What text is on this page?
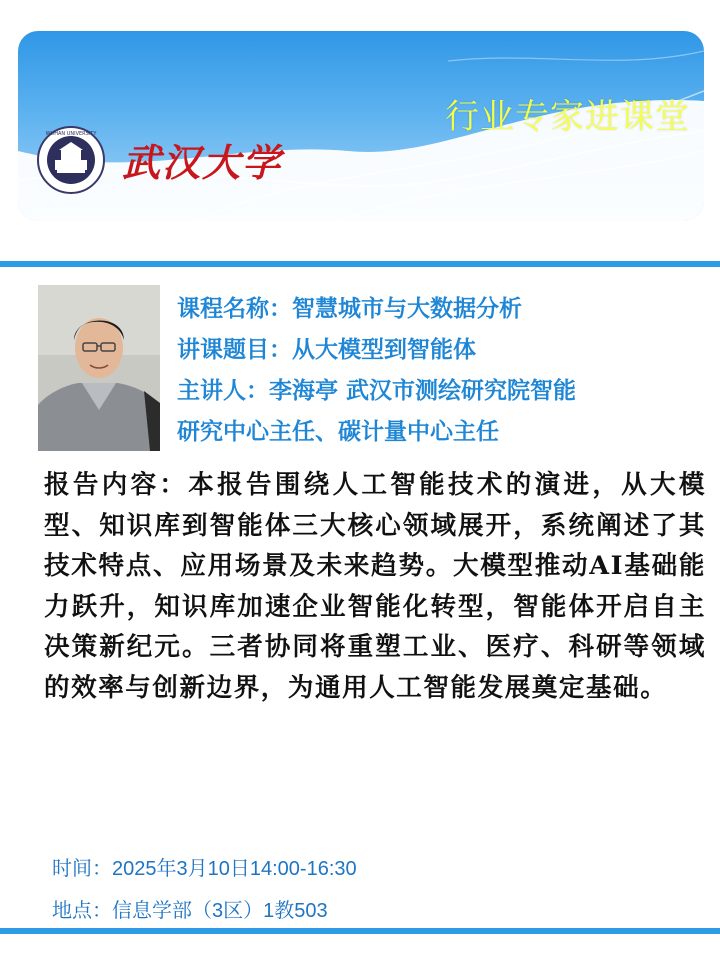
行业专家进课堂
WUHAN UNIVERSITY
武汉大学
课程名称：智慧城市与大数据分析
讲课题目：从大模型到智能体
主讲人：李海亭 武汉市测绘研究院智能
研究中心主任、碳计量中心主任
报告内容：本报告围绕人工智能技术的演进，从大模型、知识库到智能体三大核心领域展开，系统阐述了其技术特点、应用场景及未来趋势。大模型推动AI基础能力跃升，知识库加速企业智能化转型，智能体开启自主决策新纪元。三者协同将重塑工业、医疗、科研等领域的效率与创新边界，为通用人工智能发展奠定基础。
时间：2025年3月10日14:00-16:30
地点：信息学部（3区）1教503
